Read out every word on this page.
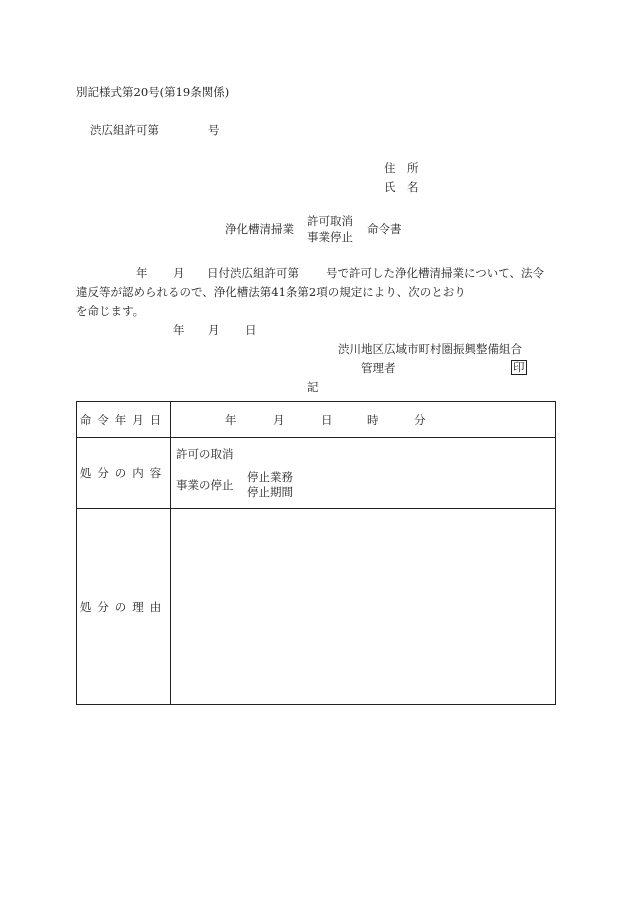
別記様式第20号(第19条関係)
渋広組許可第	号
住　所
氏　名
浄化槽清掃業
許可取消
事業停止
命令書
年 月 日付渋広組許可第 号で許可した浄化槽清掃業について、法令
違反等が認められるので、浄化槽法第41条第2項の規定により、次のとおり
を命じます。
年 月 日
渋川地区広域市町村圏振興整備組合
管理者	印
記
命令年月日	年 月 日 時 分

処分の内容	許可の取消
事業の停止
停止業務
停止期間

処分の理由	
